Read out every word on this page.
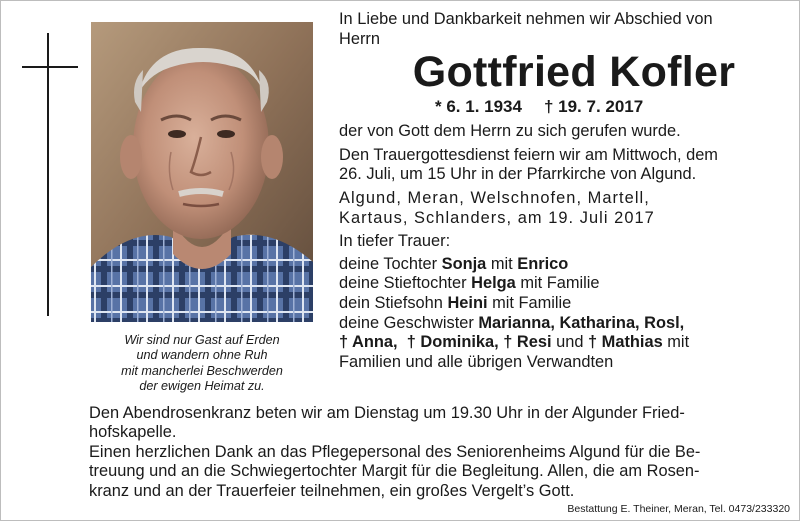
Wir sind nur Gast auf Erden
und wandern ohne Ruh
mit mancherlei Beschwerden
der ewigen Heimat zu.
In Liebe und Dankbarkeit nehmen wir Abschied von
Herrn
Gottfried Kofler
* 6. 1. 1934 † 19. 7. 2017
der von Gott dem Herrn zu sich gerufen wurde.
Den Trauergottesdienst feiern wir am Mittwoch, dem
26. Juli, um 15 Uhr in der Pfarrkirche von Algund.
Algund, Meran, Welschnofen, Martell,
Kartaus, Schlanders, am 19. Juli 2017
In tiefer Trauer:
deine Tochter Sonja mit Enrico
deine Stieftochter Helga mit Familie
dein Stiefsohn Heini mit Familie
deine Geschwister Marianna, Katharina, Rosl,
† Anna,  † Dominika, † Resi und † Mathias mit
Familien und alle übrigen Verwandten
Den Abendrosenkranz beten wir am Dienstag um 19.30 Uhr in der Algunder Fried-
hofskapelle.
Einen herzlichen Dank an das Pflegepersonal des Seniorenheims Algund für die Be-
treuung und an die Schwiegertochter Margit für die Begleitung. Allen, die am Rosen-
kranz und an der Trauerfeier teilnehmen, ein großes Vergelt’s Gott.
Bestattung E. Theiner, Meran, Tel. 0473/233320
